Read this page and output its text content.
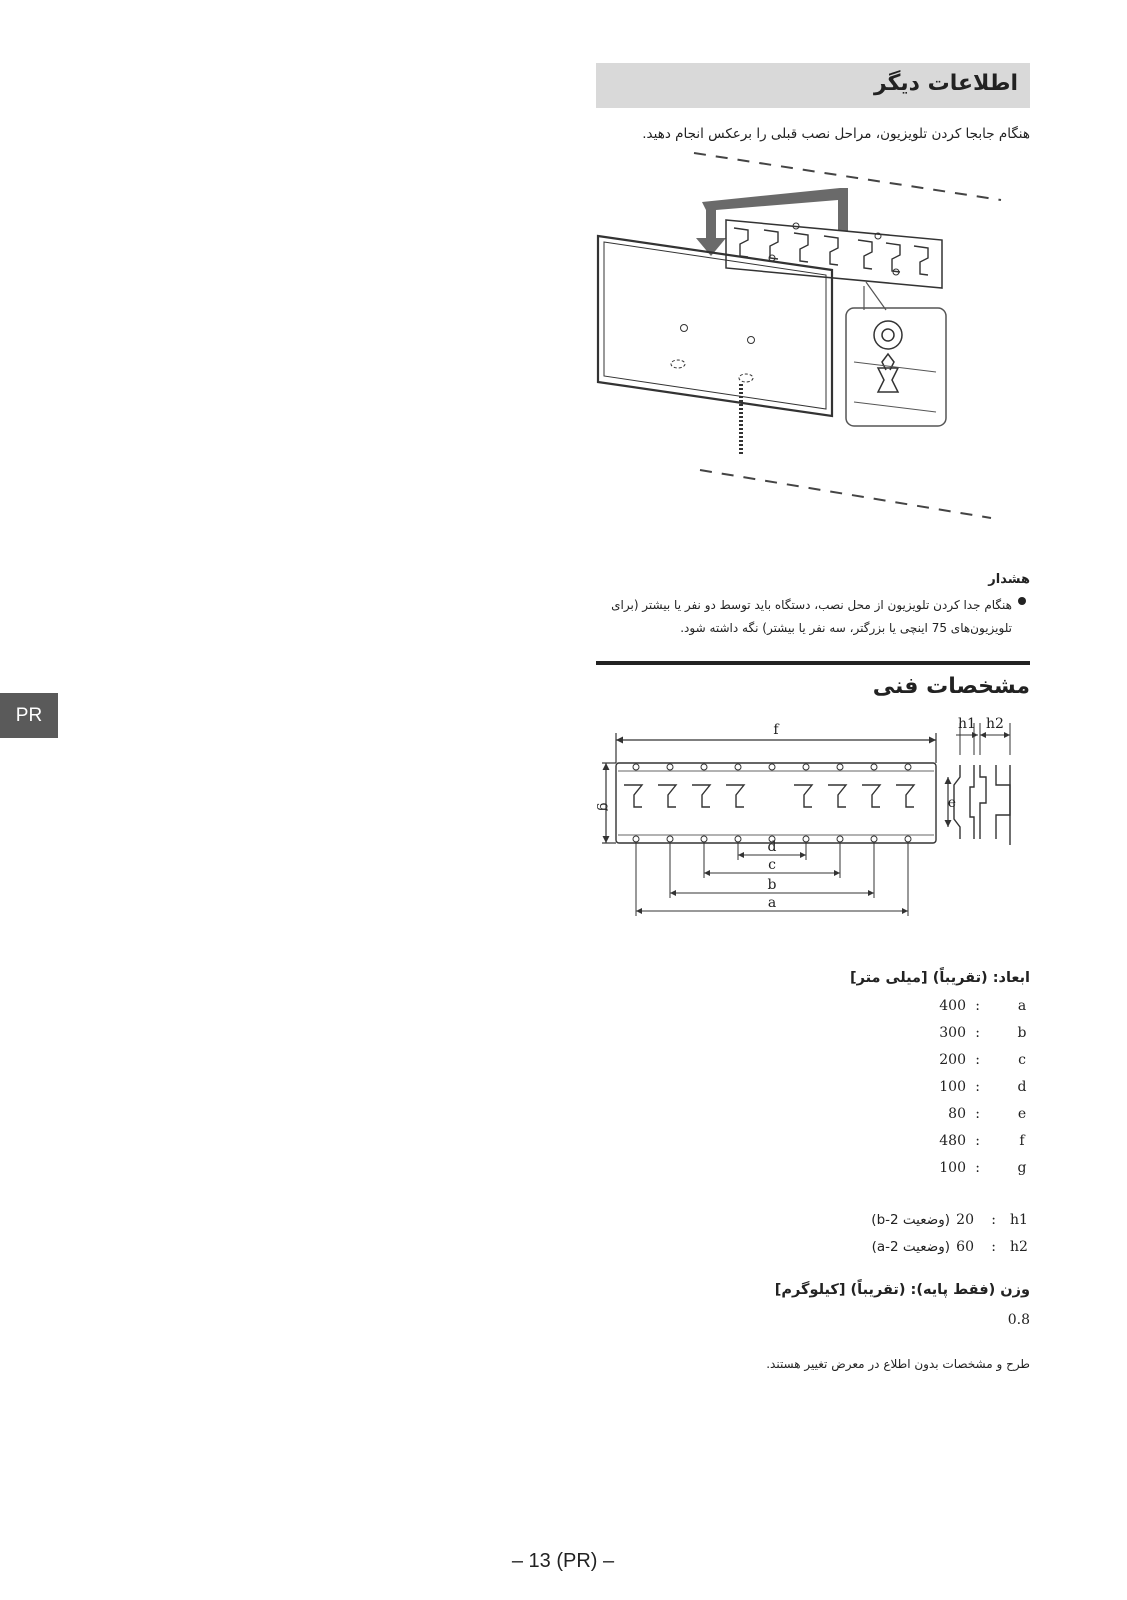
اطلاعات دیگر
هنگام جابجا کردن تلویزیون، مراحل نصب قبلی را برعکس انجام دهید.
هشدار
هنگام جدا کردن تلویزیون از محل نصب، دستگاه باید توسط دو نفر یا بیشتر (برای تلویزیون‌های 75 اینچی یا بزرگتر، سه نفر یا بیشتر) نگه داشته شود.
مشخصات فنی
f	h1 h2
g	e
d
c
b
a
ابعاد: (تقریباً) [میلی متر]
a
:
400
b
:
300
c
:
200
d
:
100
e
:
80
f
:
480
g
:
100
h1
:
20
(وضعیت 2-b)
h2
:
60
(وضعیت 2-a)
وزن (فقط پایه): (تقریباً) [کیلوگرم]
0.8
طرح و مشخصات بدون اطلاع در معرض تغییر هستند.
PR
– 13 (PR) –
